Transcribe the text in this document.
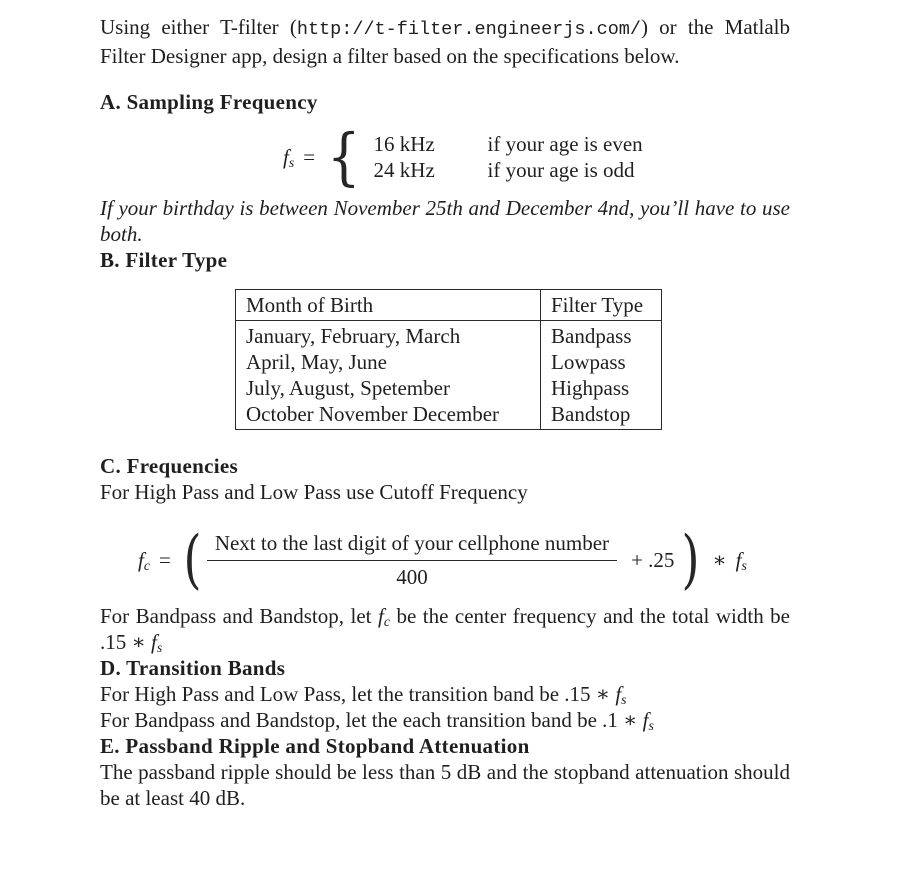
Using either T-filter (http://t-filter.engineerjs.com/) or the Matlalb Filter Designer app, design a filter based on the specifications below.

A. Sampling Frequency
$f_s$ = { 16 kHz	if your age is even
24 kHz	if your age is odd

If your birthday is between November 25th and December 4nd, you’ll have to use both.

B. Filter Type
Month of Birth	Filter Type
January, February, March	Bandpass
April, May, June	Lowpass
July, August, Spetember	Highpass
October November December	Bandstop
C. Frequencies

For High Pass and Low Pass use Cutoff Frequency

$f_c$ = ( $\frac{\text{Next to the last digit of your cellphone number}}{400} + .25$ ) ∗ $f_s$

For Bandpass and Bandstop, let $f_c$ be the center frequency and the total width be .15 ∗ $f_s$

D. Transition Bands

For High Pass and Low Pass, let the transition band be .15 ∗ $f_s$

For Bandpass and Bandstop, let the each transition band be .1 ∗ $f_s$

E. Passband Ripple and Stopband Attenuation

The passband ripple should be less than 5 dB and the stopband attenuation should be at least 40 dB.
